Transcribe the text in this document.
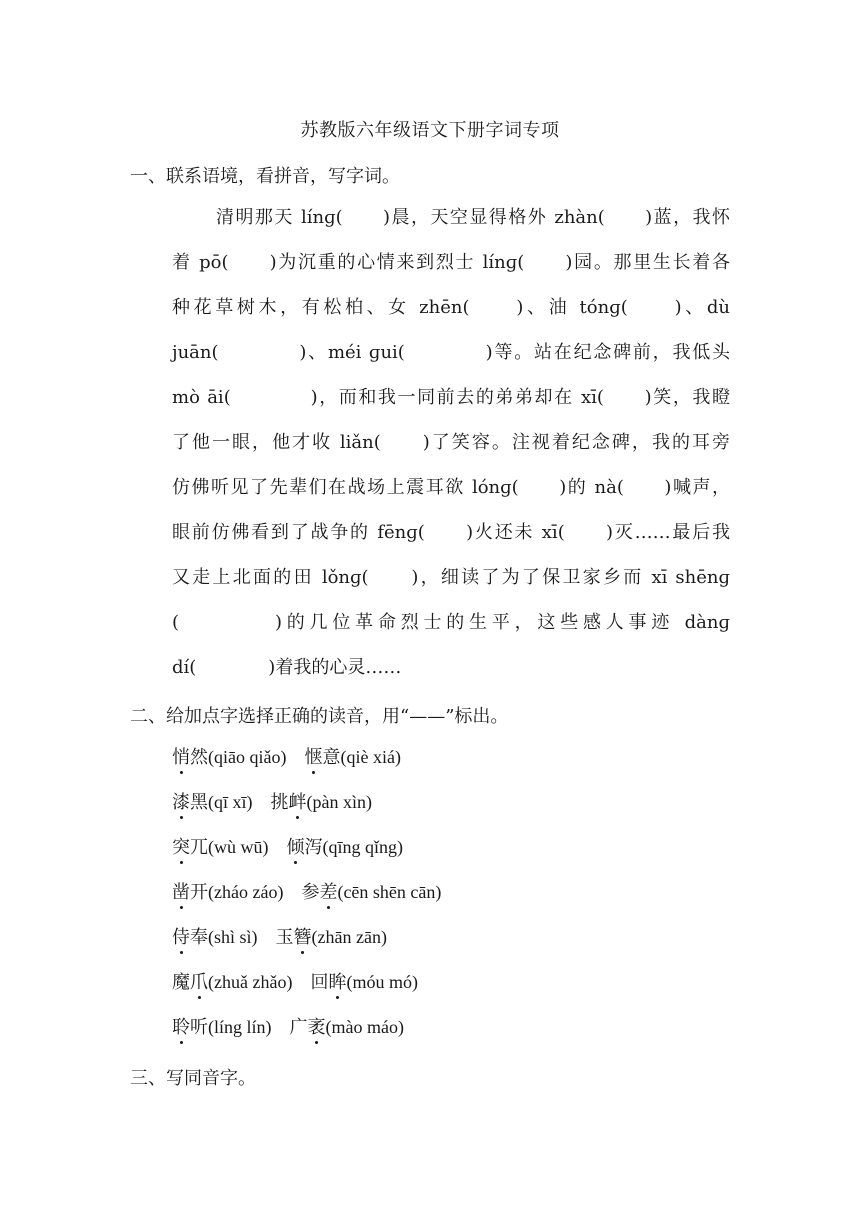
苏教版六年级语文下册字词专项
一、联系语境，看拼音，写字词。
清明那天 línɡ(　　)晨，天空显得格外 zhàn(　　)蓝，我怀
着 pō(　　)为沉重的心情来到烈士 línɡ(　　)园。那里生长着各
种花草树木，有松柏、女 zhēn(　　)、油 tónɡ(　　)、dù
juān(　　　　)、méi ɡui(　　　　)等。站在纪念碑前，我低头
mò āi(　　　　)，而和我一同前去的弟弟却在 xī(　　)笑，我瞪
了他一眼，他才收 liǎn(　　)了笑容。注视着纪念碑，我的耳旁
仿佛听见了先辈们在战场上震耳欲 lónɡ(　　)的 nà(　　)喊声，
眼前仿佛看到了战争的 fēnɡ(　　)火还未 xī(　　)灭……最后我
又走上北面的田 lǒnɡ(　　)，细读了为了保卫家乡而 xī shēnɡ
(　　　　)的几位革命烈士的生平，这些感人事迹 dànɡ
dí(　　　　)着我的心灵……
二、给加点字选择正确的读音，用“——”标出。
悄然(qiāo qiǎo) 惬意(qiè xiá)
漆黑(qī xī) 挑衅(pàn xìn)
突兀(wù wū) 倾泻(qīng qǐng)
凿开(zháo záo) 参差(cēn shēn cān)
侍奉(shì sì) 玉簪(zhān zān)
魔爪(zhuǎ zhǎo) 回眸(móu mó)
聆听(líng lín) 广袤(mào máo)
三、写同音字。
